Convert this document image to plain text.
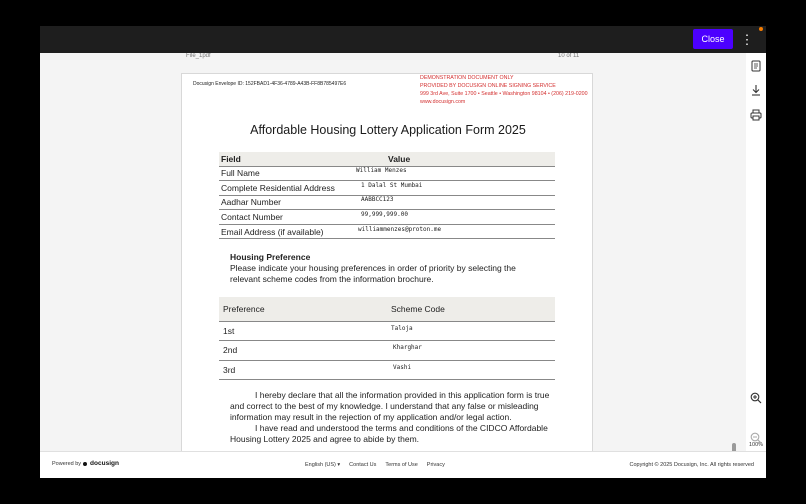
Close	⋮
File_1pdf	10 of 11
Docusign Envelope ID: 152FBAD1-4F36-4789-A43B-FF8B785497E6
DEMONSTRATION DOCUMENT ONLY
PROVIDED BY DOCUSIGN ONLINE SIGNING SERVICE
999 3rd Ave, Suite 1700 • Seattle • Washington 98104 • (206) 219-0200
www.docusign.com
Affordable Housing Lottery Application Form 2025
Field	Value
Full Name	$^{William Menzes}$
Complete Residential Address	$^{1 Dalal St Mumbai}$
Aadhar Number	$^{AABBCC123}$
Contact Number	$^{99,999,999.00}$
Email Address (if available)	$^{williammenzes@proton.me}$
Housing Preference
Please indicate your housing preferences in order of priority by selecting the relevant scheme codes from the information brochure.
Preference	Scheme Code
1st	$^{Taloja}$
2nd	$^{Kharghar}$
3rd	$^{Vashi}$

I hereby declare that all the information provided in this application form is true and correct to the best of my knowledge. I understand that any false or misleading information may result in the rejection of my application and/or legal action.

I have read and understood the terms and conditions of the CIDCO Affordable Housing Lottery 2025 and agree to abide by them.

100%
Powered by docusign	English (US) ▾ Contact Us Terms of Use Privacy	Copyright © 2025 Docusign, Inc. All rights reserved
